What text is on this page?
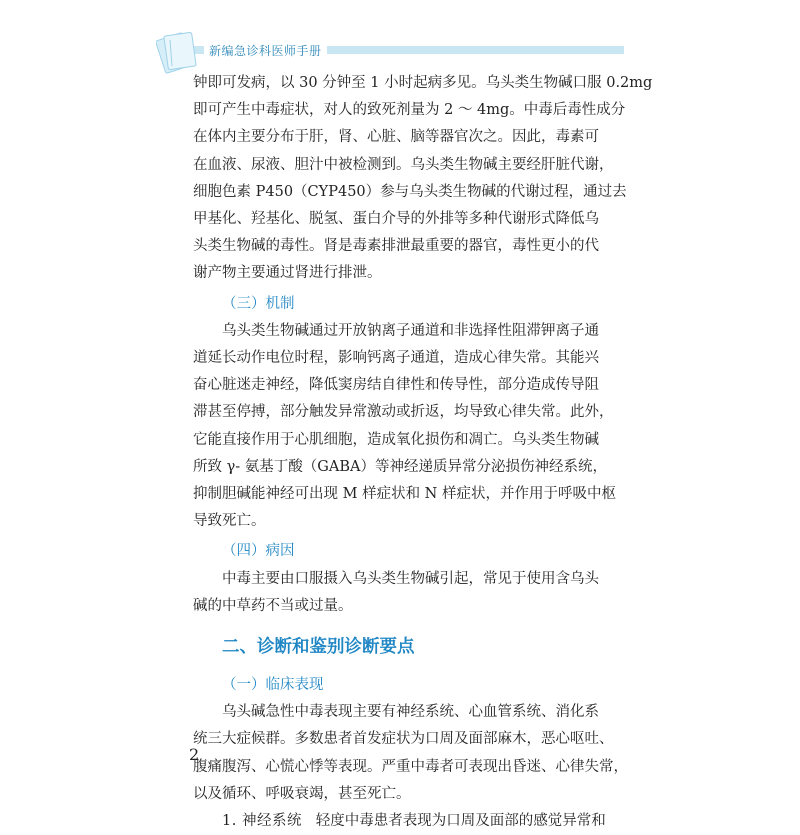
新编急诊科医师手册

钟即可发病，以 30 分钟至 1 小时起病多见。乌头类生物碱口服 0.2mg
即可产生中毒症状，对人的致死剂量为 2 ～ 4mg。中毒后毒性成分
在体内主要分布于肝，肾、心脏、脑等器官次之。因此，毒素可
在血液、尿液、胆汁中被检测到。乌头类生物碱主要经肝脏代谢，
细胞色素 P450（CYP450）参与乌头类生物碱的代谢过程，通过去
甲基化、羟基化、脱氢、蛋白介导的外排等多种代谢形式降低乌
头类生物碱的毒性。肾是毒素排泄最重要的器官，毒性更小的代
谢产物主要通过肾进行排泄。

（三）机制

乌头类生物碱通过开放钠离子通道和非选择性阻滞钾离子通
道延长动作电位时程，影响钙离子通道，造成心律失常。其能兴
奋心脏迷走神经，降低窦房结自律性和传导性，部分造成传导阻
滞甚至停搏，部分触发异常激动或折返，均导致心律失常。此外，
它能直接作用于心肌细胞，造成氧化损伤和凋亡。乌头类生物碱
所致 γ- 氨基丁酸（GABA）等神经递质异常分泌损伤神经系统，
抑制胆碱能神经可出现 M 样症状和 N 样症状，并作用于呼吸中枢
导致死亡。

（四）病因

中毒主要由口服摄入乌头类生物碱引起，常见于使用含乌头
碱的中草药不当或过量。

二、诊断和鉴别诊断要点
（一）临床表现

乌头碱急性中毒表现主要有神经系统、心血管系统、消化系
统三大症候群。多数患者首发症状为口周及面部麻木，恶心呕吐、
腹痛腹泻、心慌心悸等表现。严重中毒者可表现出昏迷、心律失常，
以及循环、呼吸衰竭，甚至死亡。

1. 神经系统 轻度中毒患者表现为口周及面部的感觉异常和

2
